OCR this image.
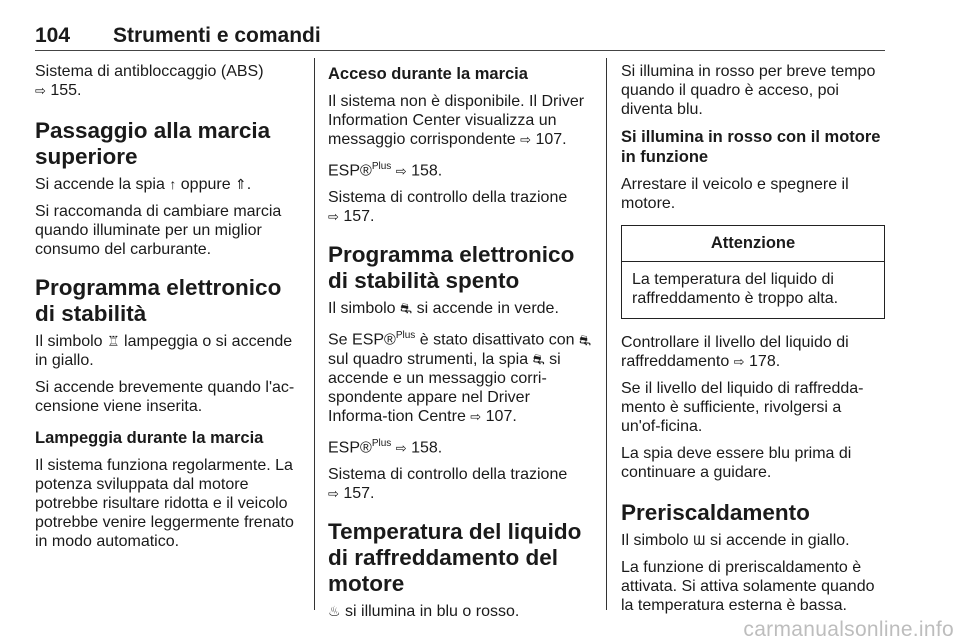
104 Strumenti e comandi

Sistema di antibloccaggio (ABS)
⇨ 155.

Passaggio alla marcia superiore

Si accende la spia ↑ oppure ⇑.

Si raccomanda di cambiare marcia quando illuminate per un miglior consumo del carburante.

Programma elettronico di stabilità

Il simbolo ♖ lampeggia o si accende in giallo.

Si accende brevemente quando l'ac-censione viene inserita.

Lampeggia durante la marcia

Il sistema funziona regolarmente. La potenza sviluppata dal motore potrebbe risultare ridotta e il veicolo potrebbe venire leggermente frenato in modo automatico.

Acceso durante la marcia

Il sistema non è disponibile. Il Driver Information Center visualizza un messaggio corrispondente ⇨ 107.

ESP®$^{Plus}$ ⇨ 158.

Sistema di controllo della trazione
⇨ 157.

Programma elettronico di stabilità spento

Il simbolo ⛐ si accende in verde.

Se ESP®$^{Plus}$ è stato disattivato con ⛐ sul quadro strumenti, la spia ⛐ si accende e un messaggio corri-spondente appare nel Driver Informa-tion Centre ⇨ 107.

ESP®$^{Plus}$ ⇨ 158.

Sistema di controllo della trazione
⇨ 157.

Temperatura del liquido di raffreddamento del motore

♨ si illumina in blu o rosso.

Si illumina in rosso per breve tempo quando il quadro è acceso, poi diventa blu.

Si illumina in rosso con il motore in funzione

Arrestare il veicolo e spegnere il motore.

Attenzione
La temperatura del liquido di raffreddamento è troppo alta.

Controllare il livello del liquido di raffreddamento ⇨ 178.

Se il livello del liquido di raffredda-mento è sufficiente, rivolgersi a un'of-ficina.

La spia deve essere blu prima di continuare a guidare.

Preriscaldamento

Il simbolo Ɯ si accende in giallo.

La funzione di preriscaldamento è attivata. Si attiva solamente quando la temperatura esterna è bassa.

carmanualsonline.info
